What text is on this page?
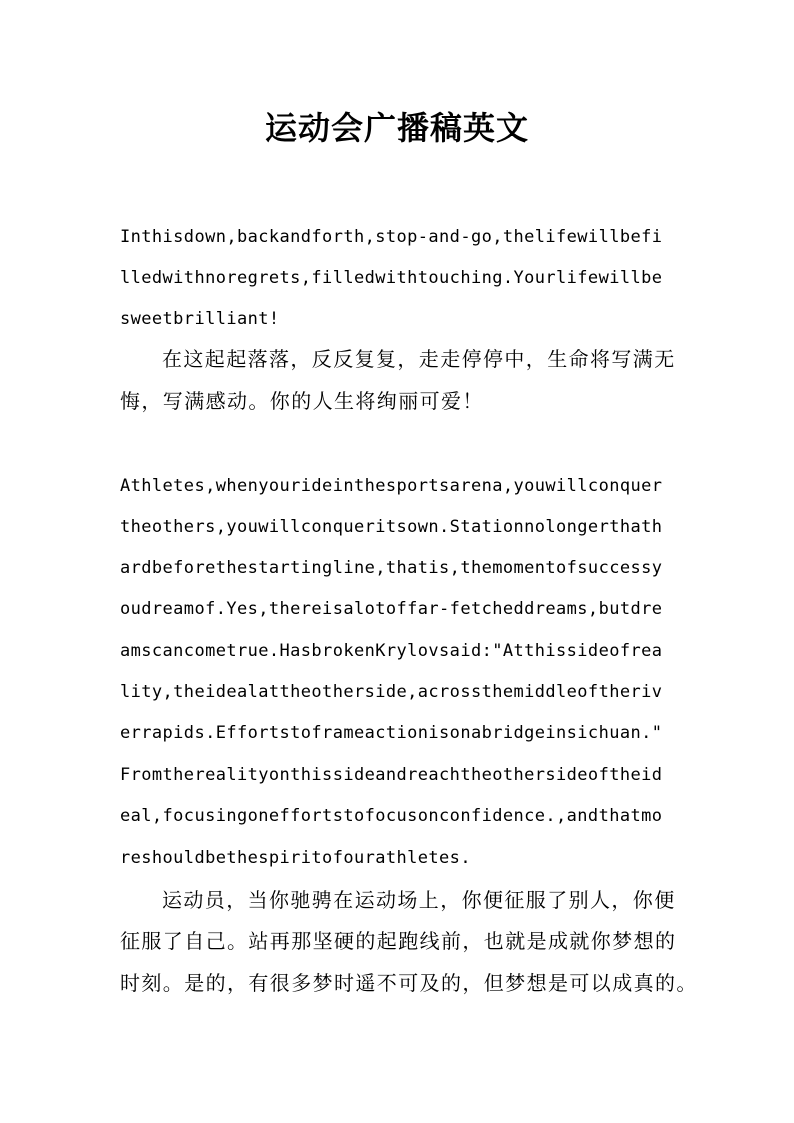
运动会广播稿英文
Inthisdown,backandforth,stop-and-go,thelifewillbefi
lledwithnoregrets,filledwithtouching.Yourlifewillbe
sweetbrilliant!
在这起起落落，反反复复，走走停停中，生命将写满无
悔，写满感动。你的人生将绚丽可爱！
Athletes,whenyourideinthesportsarena,youwillconquer
theothers,youwillconqueritsown.Stationnolongerthath
ardbeforethestartingline,thatis,themomentofsuccessy
oudreamof.Yes,thereisalotoffar-fetcheddreams,butdre
amscancometrue.HasbrokenKrylovsaid:"Atthissideofrea
lity,theidealattheotherside,acrossthemiddleoftheriv
errapids.Effortstoframeactionisonabridgeinsichuan."
Fromtherealityonthissideandreachtheothersideoftheid
eal,focusingoneffortstofocusonconfidence.,andthatmo
reshouldbethespiritofourathletes.
运动员，当你驰骋在运动场上，你便征服了别人，你便
征服了自己。站再那坚硬的起跑线前，也就是成就你梦想的
时刻。是的，有很多梦时遥不可及的，但梦想是可以成真的。
